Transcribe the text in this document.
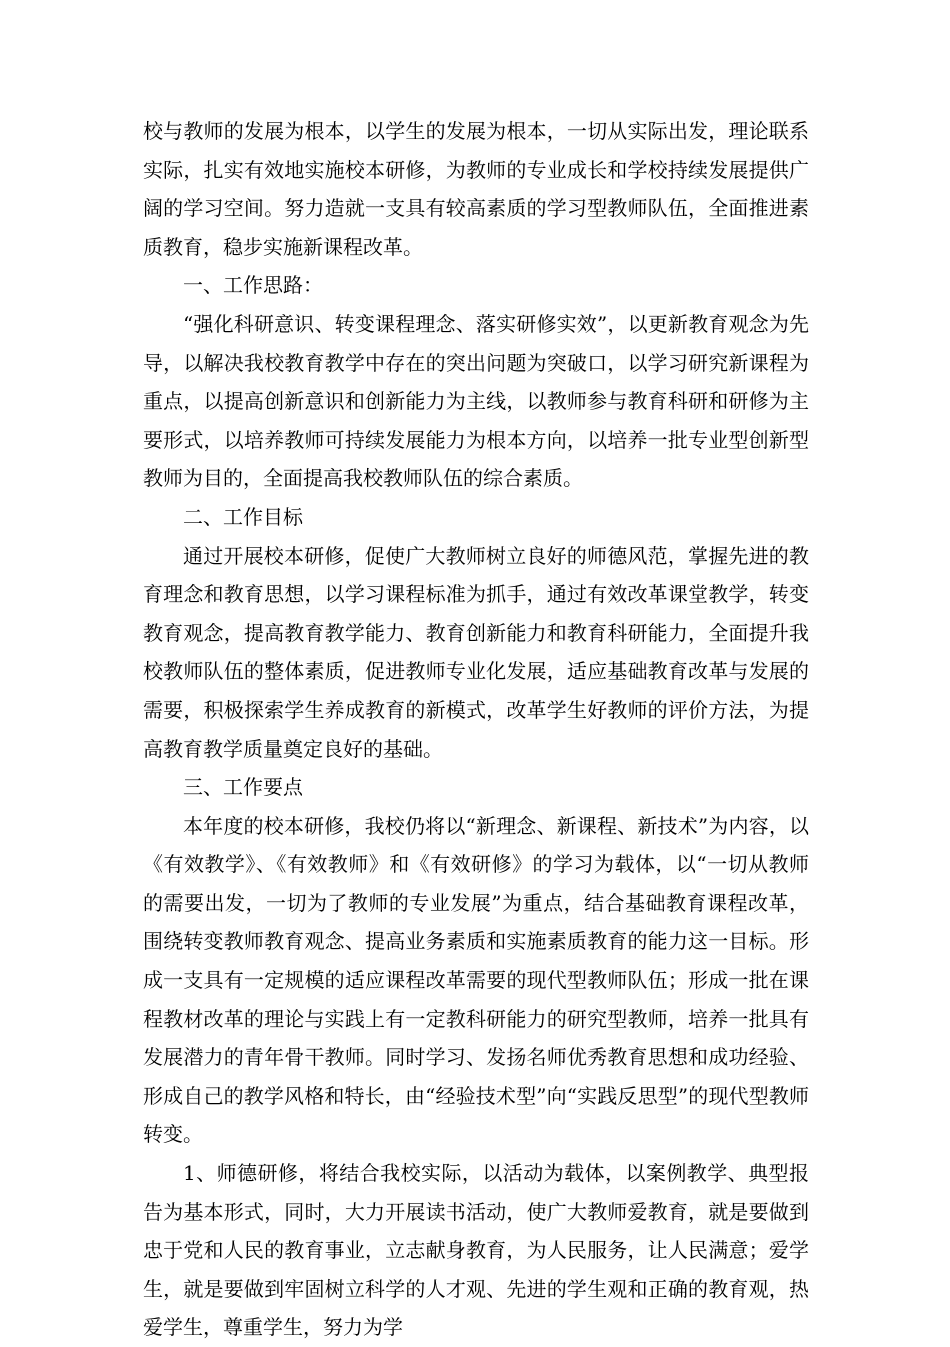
校与教师的发展为根本，以学生的发展为根本，一切从实际出发，理论联系实际，扎实有效地实施校本研修，为教师的专业成长和学校持续发展提供广阔的学习空间。努力造就一支具有较高素质的学习型教师队伍，全面推进素质教育，稳步实施新课程改革。

一、工作思路：

“强化科研意识、转变课程理念、落实研修实效”，以更新教育观念为先导，以解决我校教育教学中存在的突出问题为突破口，以学习研究新课程为重点，以提高创新意识和创新能力为主线，以教师参与教育科研和研修为主要形式，以培养教师可持续发展能力为根本方向，以培养一批专业型创新型教师为目的，全面提高我校教师队伍的综合素质。

二、工作目标

通过开展校本研修，促使广大教师树立良好的师德风范，掌握先进的教育理念和教育思想，以学习课程标准为抓手，通过有效改革课堂教学，转变教育观念，提高教育教学能力、教育创新能力和教育科研能力，全面提升我校教师队伍的整体素质，促进教师专业化发展，适应基础教育改革与发展的需要，积极探索学生养成教育的新模式，改革学生好教师的评价方法，为提高教育教学质量奠定良好的基础。

三、工作要点

本年度的校本研修，我校仍将以“新理念、新课程、新技术”为内容，以《有效教学》、《有效教师》和《有效研修》的学习为载体，以“一切从教师的需要出发，一切为了教师的专业发展”为重点，结合基础教育课程改革，围绕转变教师教育观念、提高业务素质和实施素质教育的能力这一目标。形成一支具有一定规模的适应课程改革需要的现代型教师队伍；形成一批在课程教材改革的理论与实践上有一定教科研能力的研究型教师，培养一批具有发展潜力的青年骨干教师。同时学习、发扬名师优秀教育思想和成功经验、形成自己的教学风格和特长，由“经验技术型”向“实践反思型”的现代型教师转变。

1、师德研修，将结合我校实际，以活动为载体，以案例教学、典型报告为基本形式，同时，大力开展读书活动，使广大教师爱教育，就是要做到忠于党和人民的教育事业，立志献身教育，为人民服务，让人民满意；爱学生，就是要做到牢固树立科学的人才观、先进的学生观和正确的教育观，热爱学生，尊重学生，努力为学
